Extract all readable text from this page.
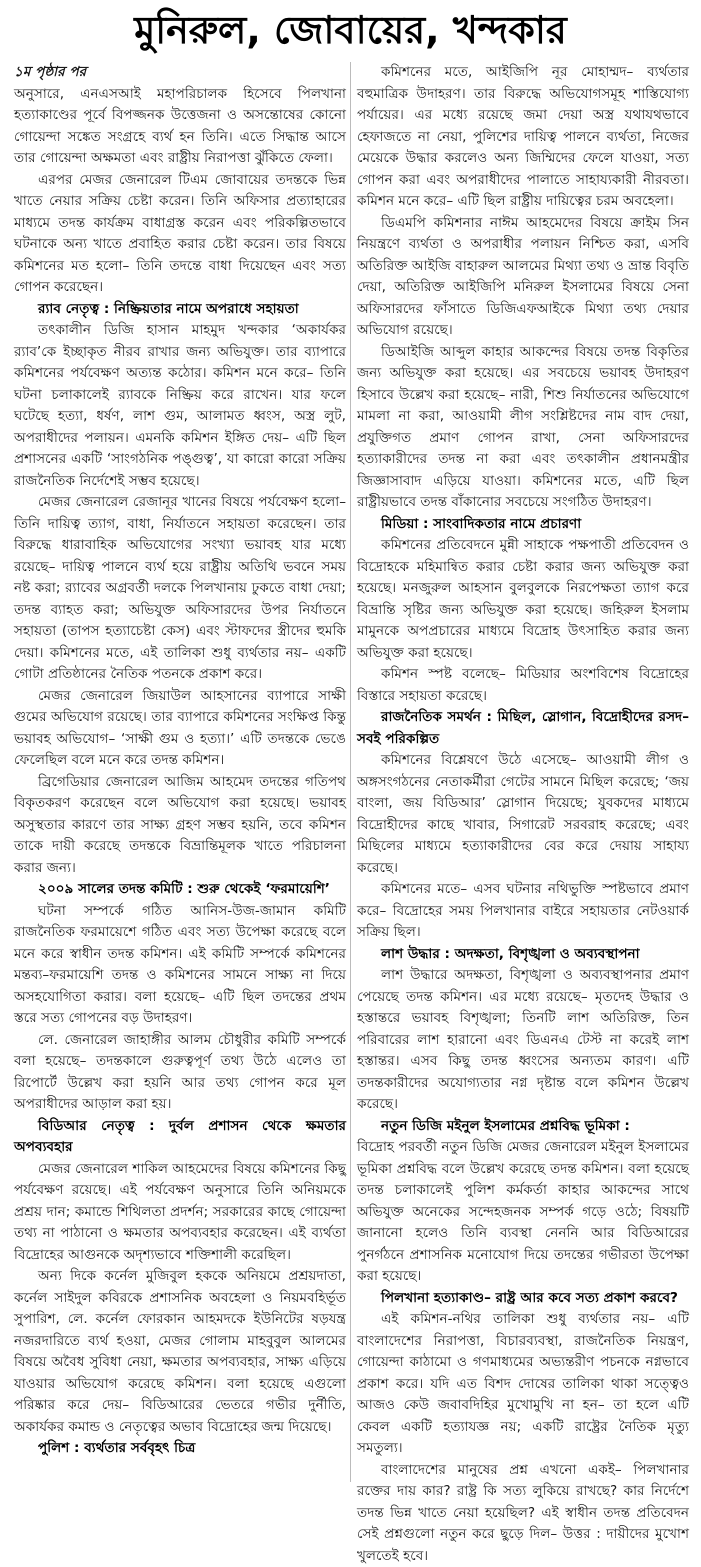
মুনিরুল, জোবায়ের, খন্দকার

১ম পৃষ্ঠার পর

অনুসারে, এনএসআই মহাপরিচালক হিসেবে পিলখানা হত্যাকাণ্ডের পূর্বে বিপজ্জনক উত্তেজনা ও অসন্তোষের কোনো গোয়েন্দা সঙ্কেত সংগ্রহে ব্যর্থ হন তিনি। এতে সিদ্ধান্ত আসে তার গোয়েন্দা অক্ষমতা এবং রাষ্ট্রীয় নিরাপত্তা ঝুঁকিতে ফেলা।

এরপর মেজর জেনারেল টিএম জোবায়ের তদন্তকে ভিন্ন খাতে নেয়ার সক্রিয় চেষ্টা করেন। তিনি অফিসার প্রত্যাহারের মাধ্যমে তদন্ত কার্যক্রম বাধাগ্রস্ত করেন এবং পরিকল্পিতভাবে ঘটনাকে অন্য খাতে প্রবাহিত করার চেষ্টা করেন। তার বিষয়ে কমিশনের মত হলো– তিনি তদন্তে বাধা দিয়েছেন এবং সত্য গোপন করেছেন।

র‍্যাব নেতৃত্ব : নিষ্ক্রিয়তার নামে অপরাধে সহায়তা

তৎকালীন ডিজি হাসান মাহমুদ খন্দকার ‘অকার্যকর র‍্যাব’কে ইচ্ছাকৃত নীরব রাখার জন্য অভিযুক্ত। তার ব্যাপারে কমিশনের পর্যবেক্ষণ অত্যন্ত কঠোর। কমিশন মনে করে– তিনি ঘটনা চলাকালেই র‍্যাবকে নিষ্ক্রিয় করে রাখেন। যার ফলে ঘটেছে হত্যা, ধর্ষণ, লাশ গুম, আলামত ধ্বংস, অস্ত্র লুট, অপরাধীদের পলায়ন। এমনকি কমিশন ইঙ্গিত দেয়– এটি ছিল প্রশাসনের একটি ‘সাংগঠনিক পঙ্গুত্ব’, যা কারো কারো সক্রিয় রাজনৈতিক নির্দেশেই সম্ভব হয়েছে।

মেজর জেনারেল রেজানূর খানের বিষয়ে পর্যবেক্ষণ হলো– তিনি দায়িত্ব ত্যাগ, বাধা, নির্যাতনে সহায়তা করেছেন। তার বিরুদ্ধে ধারাবাহিক অভিযোগের সংখ্যা ভয়াবহ যার মধ্যে রয়েছে– দায়িত্ব পালনে ব্যর্থ হয়ে রাষ্ট্রীয় অতিথি ভবনে সময় নষ্ট করা; র‍্যাবের অগ্রবর্তী দলকে পিলখানায় ঢুকতে বাধা দেয়া; তদন্ত ব্যাহত করা; অভিযুক্ত অফিসারদের উপর নির্যাতনে সহায়তা (তাপস হত্যাচেষ্টা কেস) এবং স্টাফদের স্ত্রীদের হুমকি দেয়া। কমিশনের মতে, এই তালিকা শুধু ব্যর্থতার নয়– একটি গোটা প্রতিষ্ঠানের নৈতিক পতনকে প্রকাশ করে।

মেজর জেনারেল জিয়াউল আহসানের ব্যাপারে সাক্ষী গুমের অভিযোগ রয়েছে। তার ব্যাপারে কমিশনের সংক্ষিপ্ত কিন্তু ভয়াবহ অভিযোগ– ‘সাক্ষী গুম ও হত্যা।’ এটি তদন্তকে ভেঙে ফেলেছিল বলে মনে করে তদন্ত কমিশন।

ব্রিগেডিয়ার জেনারেল আজিম আহমেদ তদন্তের গতিপথ বিকৃতকরণ করেছেন বলে অভিযোগ করা হয়েছে। ভয়াবহ অসুস্থতার কারণে তার সাক্ষ্য গ্রহণ সম্ভব হয়নি, তবে কমিশন তাকে দায়ী করেছে তদন্তকে বিভ্রান্তিমূলক খাতে পরিচালনা করার জন্য।

২০০৯ সালের তদন্ত কমিটি : শুরু থেকেই ‘ফরমায়েশি’

ঘটনা সম্পর্কে গঠিত আনিস-উজ-জামান কমিটি রাজনৈতিক ফরমায়েশে গঠিত এবং সত্য উপেক্ষা করেছে বলে মনে করে স্বাধীন তদন্ত কমিশন। এই কমিটি সম্পর্কে কমিশনের মন্তব্য–ফরমায়েশি তদন্ত ও কমিশনের সামনে সাক্ষ্য না দিয়ে অসহযোগিতা করার। বলা হয়েছে– এটি ছিল তদন্তের প্রথম স্তরে সত্য গোপনের বড় উদাহরণ।

লে. জেনারেল জাহাঙ্গীর আলম চৌধুরীর কমিটি সম্পর্কে বলা হয়েছে– তদন্তকালে গুরুত্বপূর্ণ তথ্য উঠে এলেও তা রিপোর্টে উল্লেখ করা হয়নি আর তথ্য গোপন করে মূল অপরাধীদের আড়াল করা হয়।

বিডিআর নেতৃত্ব : দুর্বল প্রশাসন থেকে ক্ষমতার অপব্যবহার

মেজর জেনারেল শাকিল আহমেদের বিষয়ে কমিশনের কিছু পর্যবেক্ষণ রয়েছে। এই পর্যবেক্ষণ অনুসারে তিনি অনিয়মকে প্রশ্রয় দান; কমান্ডে শিথিলতা প্রদর্শন; সরকারের কাছে গোয়েন্দা তথ্য না পাঠানো ও ক্ষমতার অপব্যবহার করেছেন। এই ব্যর্থতা বিদ্রোহের আগুনকে অদৃশ্যভাবে শক্তিশালী করেছিল।

অন্য দিকে কর্নেল মুজিবুল হককে অনিয়মে প্রশ্রয়দাতা, কর্নেল সাইদুল কবিরকে প্রশাসনিক অবহেলা ও নিয়মবহির্ভূত সুপারিশ, লে. কর্নেল ফোরকান আহমদকে ইউনিটের ষড়যন্ত্র নজরদারিতে ব্যর্থ হওয়া, মেজর গোলাম মাহবুবুল আলমের বিষয়ে অবৈধ সুবিধা নেয়া, ক্ষমতার অপব্যবহার, সাক্ষ্য এড়িয়ে যাওয়ার অভিযোগ করেছে কমিশন। বলা হয়েছে এগুলো পরিষ্কার করে দেয়– বিডিআরের ভেতরে গভীর দুর্নীতি, অকার্যকর কমান্ড ও নেতৃত্বের অভাব বিদ্রোহের জন্ম দিয়েছে।

পুলিশ : ব্যর্থতার সর্ববৃহৎ চিত্র

কমিশনের মতে, আইজিপি নূর মোহাম্মদ– ব্যর্থতার বহুমাত্রিক উদাহরণ। তার বিরুদ্ধে অভিযোগসমূহ শাস্তিযোগ্য পর্যায়ের। এর মধ্যে রয়েছে জমা দেয়া অস্ত্র যথাযথভাবে হেফাজতে না নেয়া, পুলিশের দায়িত্ব পালনে ব্যর্থতা, নিজের মেয়েকে উদ্ধার করলেও অন্য জিম্মিদের ফেলে যাওয়া, সত্য গোপন করা এবং অপরাধীদের পালাতে সাহায্যকারী নীরবতা। কমিশন মনে করে– এটি ছিল রাষ্ট্রীয় দায়িত্বের চরম অবহেলা।

ডিএমপি কমিশনার নাঈম আহমেদের বিষয়ে ক্রাইম সিন নিয়ন্ত্রণে ব্যর্থতা ও অপরাধীর পলায়ন নিশ্চিত করা, এসবি অতিরিক্ত আইজি বাহারুল আলমের মিথ্যা তথ্য ও ভ্রান্ত বিবৃতি দেয়া, অতিরিক্ত আইজিপি মনিরুল ইসলামের বিষয়ে সেনা অফিসারদের ফাঁসাতে ডিজিএফআইকে মিথ্যা তথ্য দেয়ার অভিযোগ রয়েছে।

ডিআইজি আব্দুল কাহার আকন্দের বিষয়ে তদন্ত বিকৃতির জন্য অভিযুক্ত করা হয়েছে। এর সবচেয়ে ভয়াবহ উদাহরণ হিসাবে উল্লেখ করা হয়েছে– নারী, শিশু নির্যাতনের অভিযোগে মামলা না করা, আওয়ামী লীগ সংশ্লিষ্টদের নাম বাদ দেয়া, প্রযুক্তিগত প্রমাণ গোপন রাখা, সেনা অফিসারদের হত্যাকারীদের তদন্ত না করা এবং তৎকালীন প্রধানমন্ত্রীর জিজ্ঞাসাবাদ এড়িয়ে যাওয়া। কমিশনের মতে, এটি ছিল রাষ্ট্রীয়ভাবে তদন্ত বাঁকানোর সবচেয়ে সংগঠিত উদাহরণ।

মিডিয়া : সাংবাদিকতার নামে প্রচারণা

কমিশনের প্রতিবেদনে মুন্নী সাহাকে পক্ষপাতী প্রতিবেদন ও বিদ্রোহকে মহিমান্বিত করার চেষ্টা করার জন্য অভিযুক্ত করা হয়েছে। মনজুরুল আহসান বুলবুলকে নিরপেক্ষতা ত্যাগ করে বিভ্রান্তি সৃষ্টির জন্য অভিযুক্ত করা হয়েছে। জহিরুল ইসলাম মামুনকে অপপ্রচারের মাধ্যমে বিদ্রোহ উৎসাহিত করার জন্য অভিযুক্ত করা হয়েছে।

কমিশন স্পষ্ট বলেছে– মিডিয়ার অংশবিশেষ বিদ্রোহের বিস্তারে সহায়তা করেছে।

রাজনৈতিক সমর্থন : মিছিল, স্লোগান, বিদ্রোহীদের রসদ– সবই পরিকল্পিত

কমিশনের বিশ্লেষণে উঠে এসেছে– আওয়ামী লীগ ও অঙ্গসংগঠনের নেতাকর্মীরা গেটের সামনে মিছিল করেছে; ‘জয় বাংলা, জয় বিডিআর’ স্লোগান দিয়েছে; যুবকদের মাধ্যমে বিদ্রোহীদের কাছে খাবার, সিগারেট সরবরাহ করেছে; এবং মিছিলের মাধ্যমে হত্যাকারীদের বের করে দেয়ায় সাহায্য করেছে।

কমিশনের মতে– এসব ঘটনার নথিভুক্তি স্পষ্টভাবে প্রমাণ করে– বিদ্রোহের সময় পিলখানার বাইরে সহায়তার নেটওয়ার্ক সক্রিয় ছিল।

লাশ উদ্ধার : অদক্ষতা, বিশৃঙ্খলা ও অব্যবস্থাপনা

লাশ উদ্ধারে অদক্ষতা, বিশৃঙ্খলা ও অব্যবস্থাপনার প্রমাণ পেয়েছে তদন্ত কমিশন। এর মধ্যে রয়েছে– মৃতদেহ উদ্ধার ও হস্তান্তরে ভয়াবহ বিশৃঙ্খলা; তিনটি লাশ অতিরিক্ত, তিন পরিবারের লাশ হারানো এবং ডিএনএ টেস্ট না করেই লাশ হস্তান্তর। এসব কিছু তদন্ত ধ্বংসের অন্যতম কারণ। এটি তদন্তকারীদের অযোগ্যতার নগ্ন দৃষ্টান্ত বলে কমিশন উল্লেখ করেছে।

নতুন ডিজি মইনুল ইসলামের প্রশ্নবিদ্ধ ভূমিকা :

বিদ্রোহ পরবর্তী নতুন ডিজি মেজর জেনারেল মইনুল ইসলামের ভূমিকা প্রশ্নবিদ্ধ বলে উল্লেখ করেছে তদন্ত কমিশন। বলা হয়েছে তদন্ত চলাকালেই পুলিশ কর্মকর্তা কাহার আকন্দের সাথে অভিযুক্ত অনেকের সন্দেহজনক সম্পর্ক গড়ে ওঠে; বিষয়টি জানানো হলেও তিনি ব্যবস্থা নেননি আর বিডিআরের পুনর্গঠনে প্রশাসনিক মনোযোগ দিয়ে তদন্তের গভীরতা উপেক্ষা করা হয়েছে।

পিলখানা হত্যাকাণ্ড– রাষ্ট্র আর কবে সত্য প্রকাশ করবে?

এই কমিশন-নথির তালিকা শুধু ব্যর্থতার নয়– এটি বাংলাদেশের নিরাপত্তা, বিচারব্যবস্থা, রাজনৈতিক নিয়ন্ত্রণ, গোয়েন্দা কাঠামো ও গণমাধ্যমের অভ্যন্তরীণ পচনকে নগ্নভাবে প্রকাশ করে। যদি এত বিশদ দোষের তালিকা থাকা সত্ত্বেও আজও কেউ জবাবদিহির মুখোমুখি না হন– তা হলে এটি কেবল একটি হত্যাযজ্ঞ নয়; একটি রাষ্ট্রের নৈতিক মৃত্যু সমতুল্য।

বাংলাদেশের মানুষের প্রশ্ন এখনো একই– পিলখানার রক্তের দায় কার? রাষ্ট্র কি সত্য লুকিয়ে রাখছে? কার নির্দেশে তদন্ত ভিন্ন খাতে নেয়া হয়েছিল? এই স্বাধীন তদন্ত প্রতিবেদন সেই প্রশ্নগুলো নতুন করে ছুড়ে দিল– উত্তর : দায়ীদের মুখোশ খুলতেই হবে।
